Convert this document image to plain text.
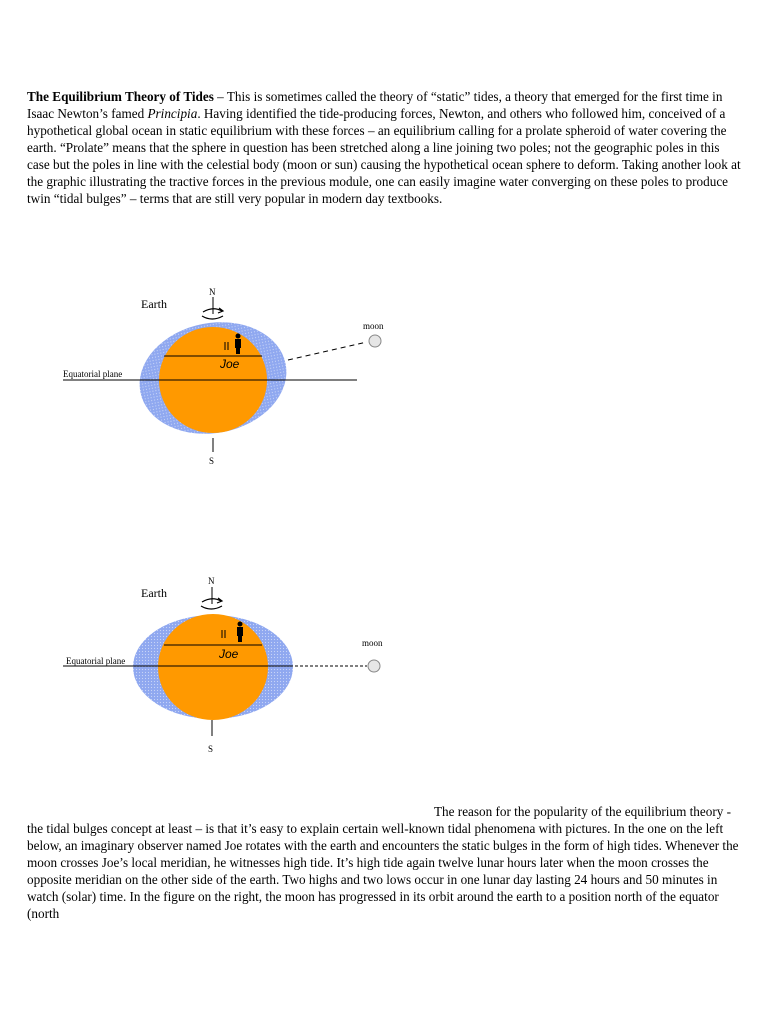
The Equilibrium Theory of Tides – This is sometimes called the theory of “static” tides, a theory that emerged for the first time in Isaac Newton’s famed Principia. Having identified the tide-producing forces, Newton, and others who followed him, conceived of a hypothetical global ocean in static equilibrium with these forces – an equilibrium calling for a prolate spheroid of water covering the earth. “Prolate” means that the sphere in question has been stretched along a line joining two poles; not the geographic poles in this case but the poles in line with the celestial body (moon or sun) causing the hypothetical ocean sphere to deform. Taking another look at the graphic illustrating the tractive forces in the previous module, one can easily imagine water converging on these poles to produce twin “tidal bulges” – terms that are still very popular in modern day textbooks.

Earth
N
S
moon
Equatorial plane
Joe
Earth
N
S
moon
Equatorial plane	Joe

The reason for the popularity of the equilibrium theory - the tidal bulges concept at least – is that it’s easy to explain certain well-known tidal phenomena with pictures. In the one on the left below, an imaginary observer named Joe rotates with the earth and encounters the static bulges in the form of high tides. Whenever the moon crosses Joe’s local meridian, he witnesses high tide. It’s high tide again twelve lunar hours later when the moon crosses the opposite meridian on the other side of the earth. Two highs and two lows occur in one lunar day lasting 24 hours and 50 minutes in watch (solar) time. In the figure on the right, the moon has progressed in its orbit around the earth to a position north of the equator (north
